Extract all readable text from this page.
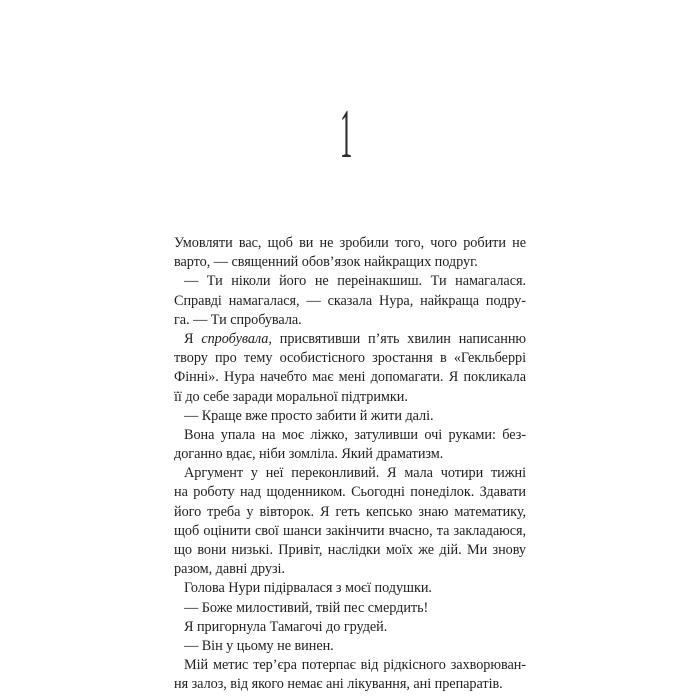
1
Умовляти вас, щоб ви не зробили того, чого робити не
варто, — священний обов’язок найкращих подруг.
— Ти ніколи його не переінакшиш. Ти намагалася.
Справді намагалася, — сказала Нура, найкраща подру-
га. — Ти спробувала.
Я спробувала, присвятивши п’ять хвилин написанню
твору про тему особистісного зростання в «Гекльберрі
Фінні». Нура начебто має мені допомагати. Я покликала
її до себе заради моральної підтримки.
— Краще вже просто забити й жити далі.
Вона упала на моє ліжко, затуливши очі руками: без-
доганно вдає, ніби зомліла. Який драматизм.
Аргумент у неї переконливий. Я мала чотири тижні
на роботу над щоденником. Сьогодні понеділок. Здавати
його треба у вівторок. Я геть кепсько знаю математику,
щоб оцінити свої шанси закінчити вчасно, та закладаюся,
що вони низькі. Привіт, наслідки моїх же дій. Ми знову
разом, давні друзі.
Голова Нури підірвалася з моєї подушки.
— Боже милостивий, твій пес смердить!
Я пригорнула Тамагочі до грудей.
— Він у цьому не винен.
Мій метис тер’єра потерпає від рідкісного захворюван-
ня залоз, від якого немає ані лікування, ані препаратів.
